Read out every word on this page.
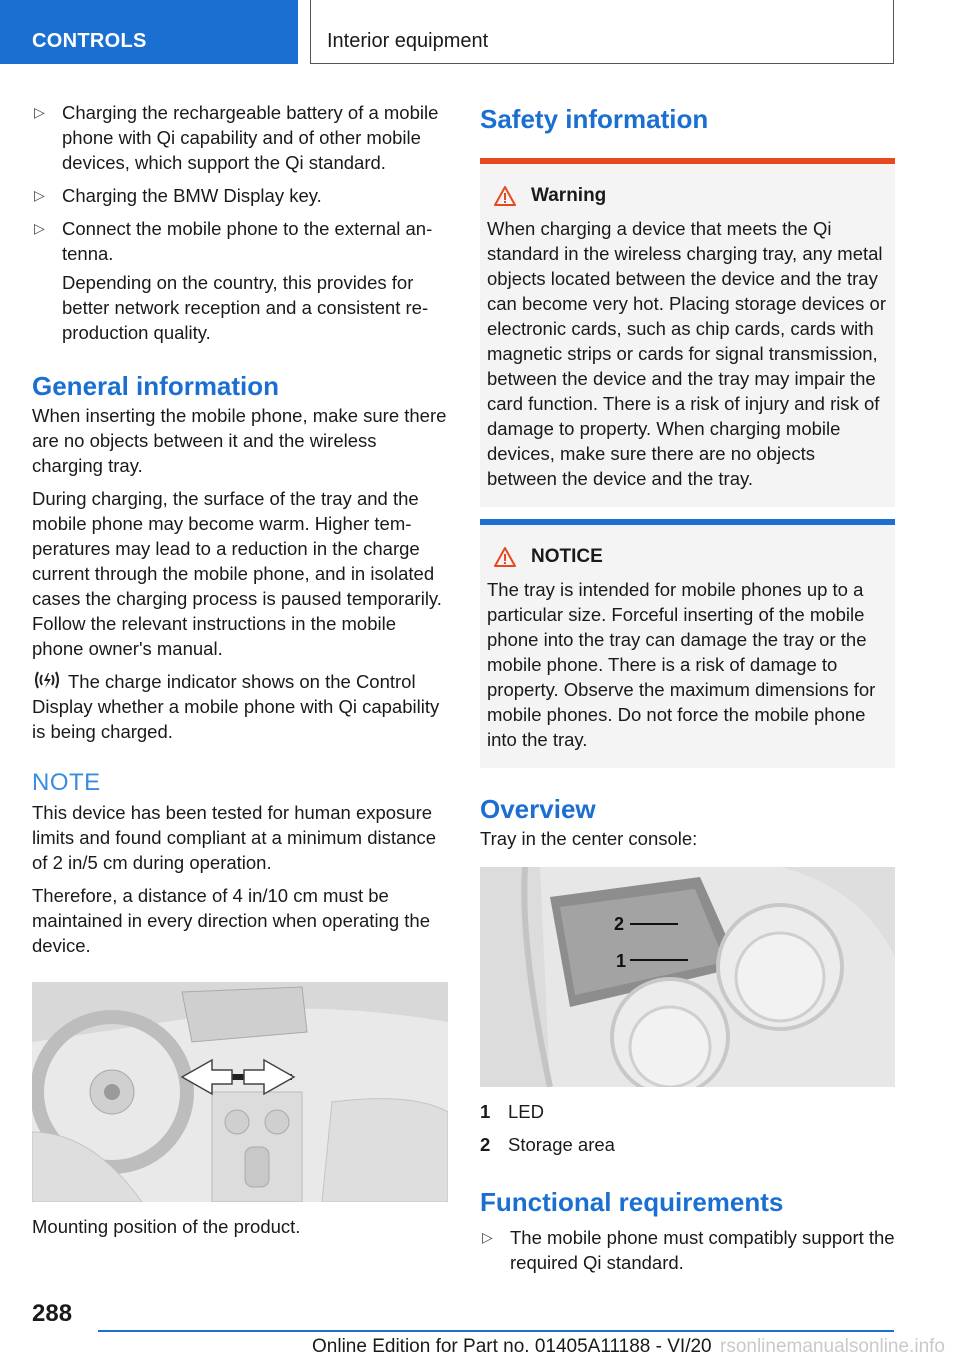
CONTROLS	Interior equipment
▷ Charging the rechargeable battery of a mobile phone with Qi capability and of other mobile devices, which support the Qi standard.
▷ Charging the BMW Display key.
▷ Connect the mobile phone to the external antenna.

Depending on the country, this provides for better network reception and a consistent reproduction quality.

General information

When inserting the mobile phone, make sure there are no objects between it and the wireless charging tray.

During charging, the surface of the tray and the mobile phone may become warm. Higher temperatures may lead to a reduction in the charge current through the mobile phone, and in isolated cases the charging process is paused temporarily. Follow the relevant instructions in the mobile phone owner's manual.

The charge indicator shows on the Control Display whether a mobile phone with Qi capability is being charged.

NOTE

This device has been tested for human exposure limits and found compliant at a minimum distance of 2 in/5 cm during operation.

Therefore, a distance of 4 in/10 cm must be maintained in every direction when operating the device.

Mounting position of the product.

Safety information
Warning

When charging a device that meets the Qi standard in the wireless charging tray, any metal objects located between the device and the tray can become very hot. Placing storage devices or electronic cards, such as chip cards, cards with magnetic strips or cards for signal transmission, between the device and the tray may impair the card function. There is a risk of injury and risk of damage to property. When charging mobile devices, make sure there are no objects between the device and the tray.

NOTICE

The tray is intended for mobile phones up to a particular size. Forceful inserting of the mobile phone into the tray can damage the tray or the mobile phone. There is a risk of damage to property. Observe the maximum dimensions for mobile phones. Do not force the mobile phone into the tray.

Overview

Tray in the center console:

2
1
1 LED
2 Storage area
Functional requirements
▷ The mobile phone must compatibly support the required Qi standard.
288
Online Edition for Part no. 01405A11188 - VI/20 rsonlinemanualsonline.info
